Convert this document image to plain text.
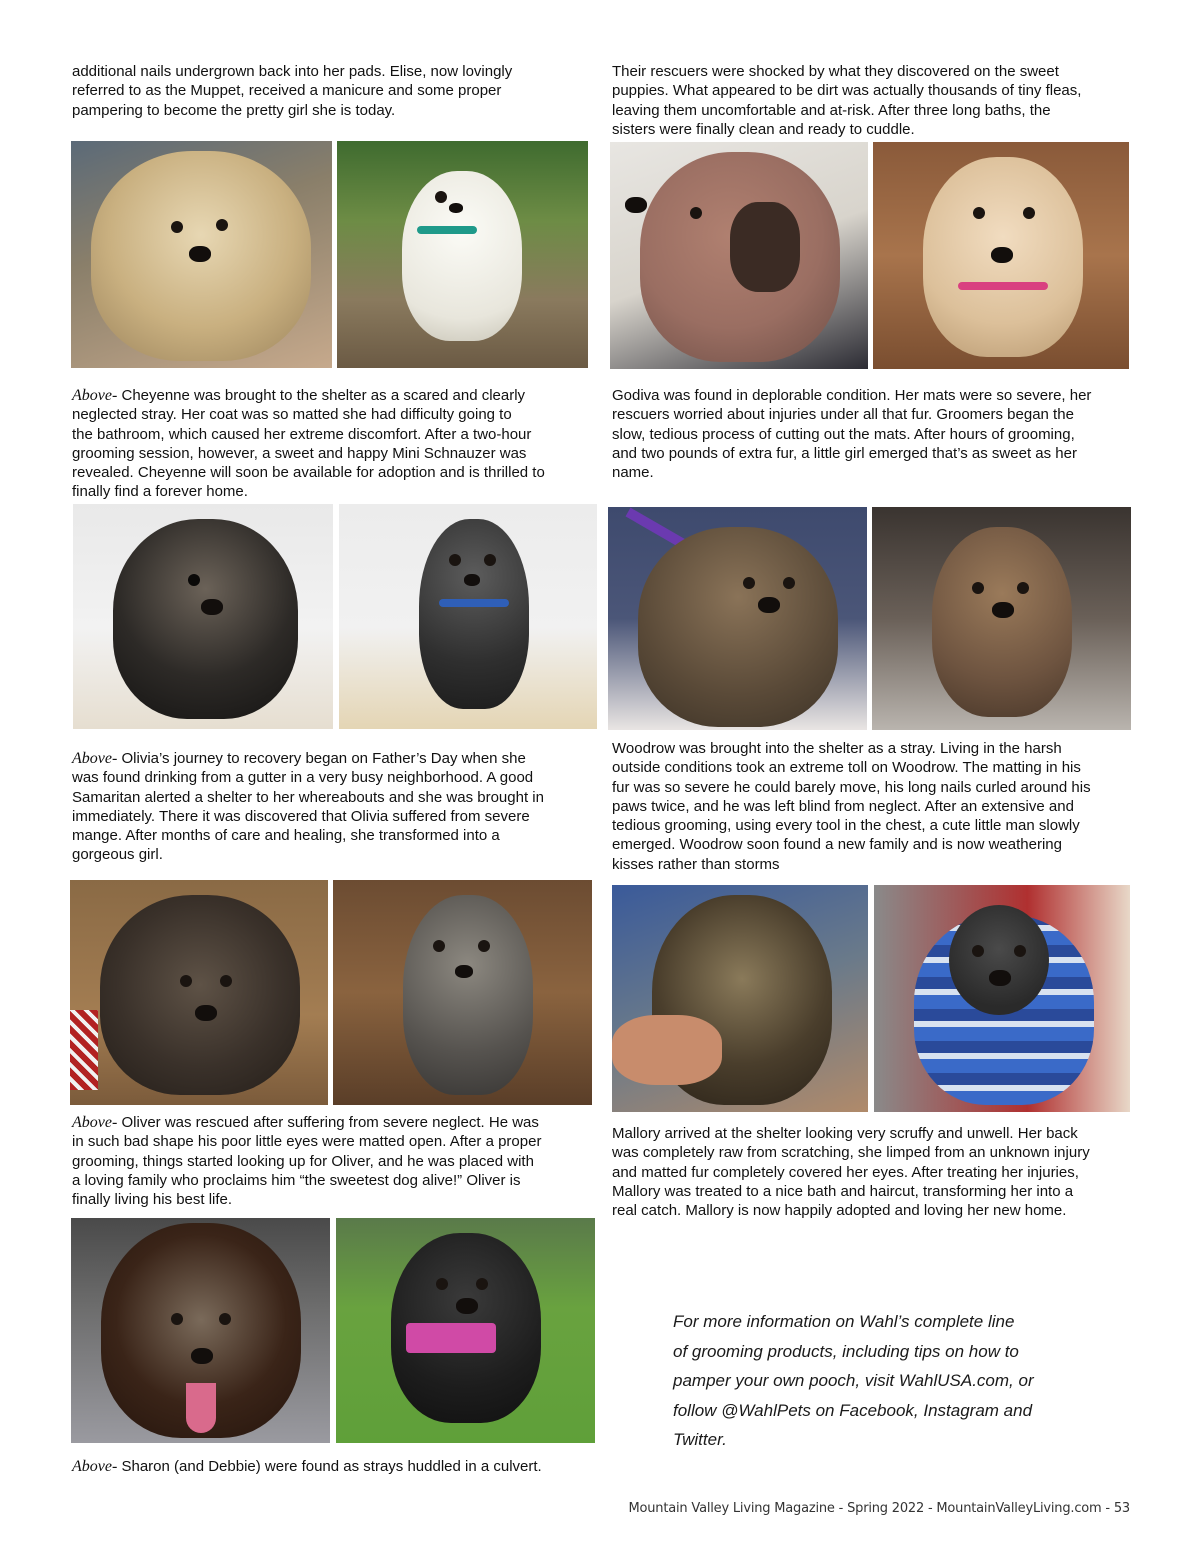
additional nails undergrown back into her pads. Elise, now lovingly
referred to as the Muppet, received a manicure and some proper
pampering to become the pretty girl she is today.

Above- Cheyenne was brought to the shelter as a scared and clearly
neglected stray. Her coat was so matted she had difficulty going to
the bathroom, which caused her extreme discomfort. After a two-hour
grooming session, however, a sweet and happy Mini Schnauzer was
revealed. Cheyenne will soon be available for adoption and is thrilled to
finally find a forever home.

Above- Olivia’s journey to recovery began on Father’s Day when she
was found drinking from a gutter in a very busy neighborhood. A good
Samaritan alerted a shelter to her whereabouts and she was brought in
immediately. There it was discovered that Olivia suffered from severe
mange. After months of care and healing, she transformed into a
gorgeous girl.

Above- Oliver was rescued after suffering from severe neglect. He was
in such bad shape his poor little eyes were matted open. After a proper
grooming, things started looking up for Oliver, and he was placed with
a loving family who proclaims him “the sweetest dog alive!” Oliver is
finally living his best life.

Above- Sharon (and Debbie) were found as strays huddled in a culvert.

Their rescuers were shocked by what they discovered on the sweet
puppies. What appeared to be dirt was actually thousands of tiny fleas,
leaving them uncomfortable and at-risk. After three long baths, the
sisters were finally clean and ready to cuddle.

Godiva was found in deplorable condition. Her mats were so severe, her
rescuers worried about injuries under all that fur. Groomers began the
slow, tedious process of cutting out the mats. After hours of grooming,
and two pounds of extra fur, a little girl emerged that’s as sweet as her
name.

Woodrow was brought into the shelter as a stray. Living in the harsh
outside conditions took an extreme toll on Woodrow. The matting in his
fur was so severe he could barely move, his long nails curled around his
paws twice, and he was left blind from neglect. After an extensive and
tedious grooming, using every tool in the chest, a cute little man slowly
emerged. Woodrow soon found a new family and is now weathering
kisses rather than storms

Mallory arrived at the shelter looking very scruffy and unwell. Her back
was completely raw from scratching, she limped from an unknown injury
and matted fur completely covered her eyes. After treating her injuries,
Mallory was treated to a nice bath and haircut, transforming her into a
real catch. Mallory is now happily adopted and loving her new home.

For more information on Wahl’s complete line
of grooming products, including tips on how to
pamper your own pooch, visit WahlUSA.com, or
follow @WahlPets on Facebook, Instagram and
Twitter.

Mountain Valley Living Magazine - Spring 2022 - MountainValleyLiving.com - 53
